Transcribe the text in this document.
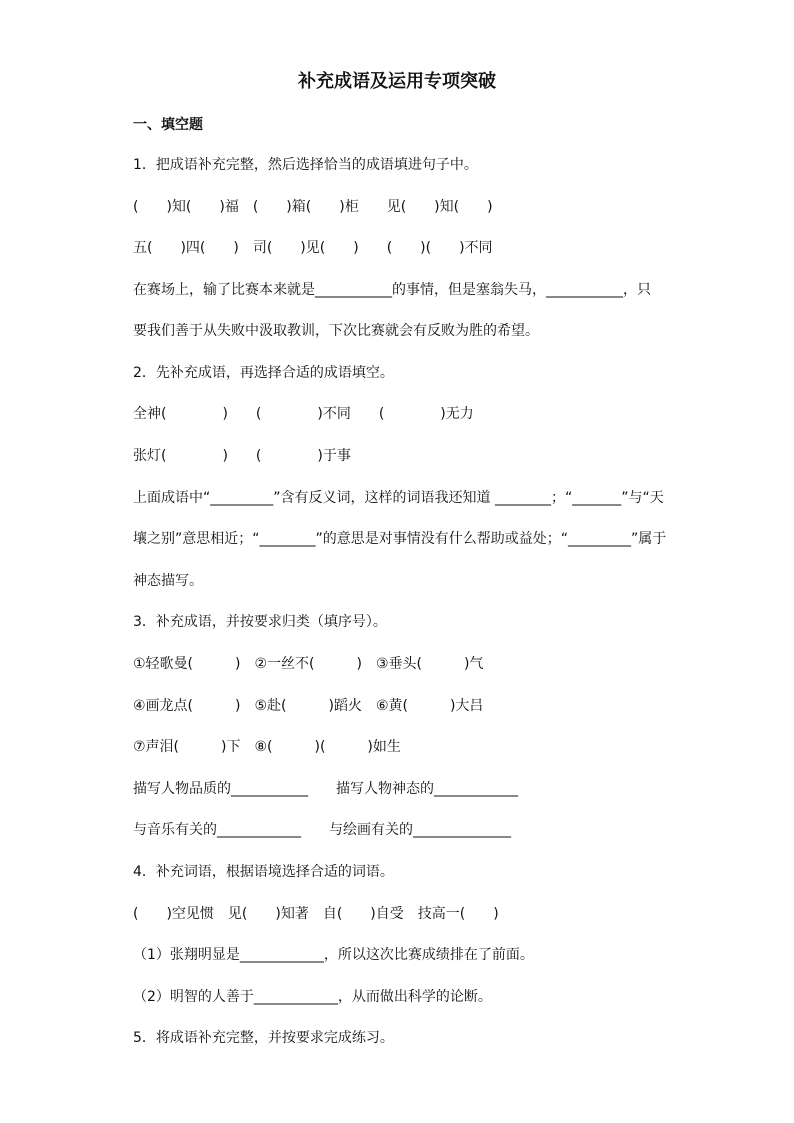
补充成语及运用专项突破
一、填空题
1．把成语补充完整，然后选择恰当的成语填进句子中。
(　　)知(　　)福　(　　)箱(　　)柜　　见(　　)知(　　)
五(　　)四(　　)　司(　　)见(　　)　　(　　)(　　)不同
在赛场上，输了比赛本来就是___________的事情，但是塞翁失马，___________，只
要我们善于从失败中汲取教训，下次比赛就会有反败为胜的希望。
2．先补充成语，再选择合适的成语填空。
全神(　　　　)　　(　　　　)不同　　(　　　　)无力
张灯(　　　　)　　(　　　　)于事
上面成语中“_________”含有反义词，这样的词语我还知道 ________；“_______”与“天
壤之别”意思相近；“________”的意思是对事情没有什么帮助或益处；“_________”属于
神态描写。
3．补充成语，并按要求归类（填序号）。
①轻歌曼(　　　)　②一丝不(　　　)　③垂头(　　　)气
④画龙点(　　　)　⑤赴(　　　)蹈火　⑥黄(　　　)大吕
⑦声泪(　　　)下　⑧(　　　)(　　　)如生
描写人物品质的___________　　描写人物神态的____________
与音乐有关的____________　　与绘画有关的______________
4．补充词语，根据语境选择合适的词语。
(　　)空见惯　见(　　)知著　自(　　)自受　技高一(　　)
（1）张翔明显是____________，所以这次比赛成绩排在了前面。
（2）明智的人善于____________，从而做出科学的论断。
5．将成语补充完整，并按要求完成练习。
